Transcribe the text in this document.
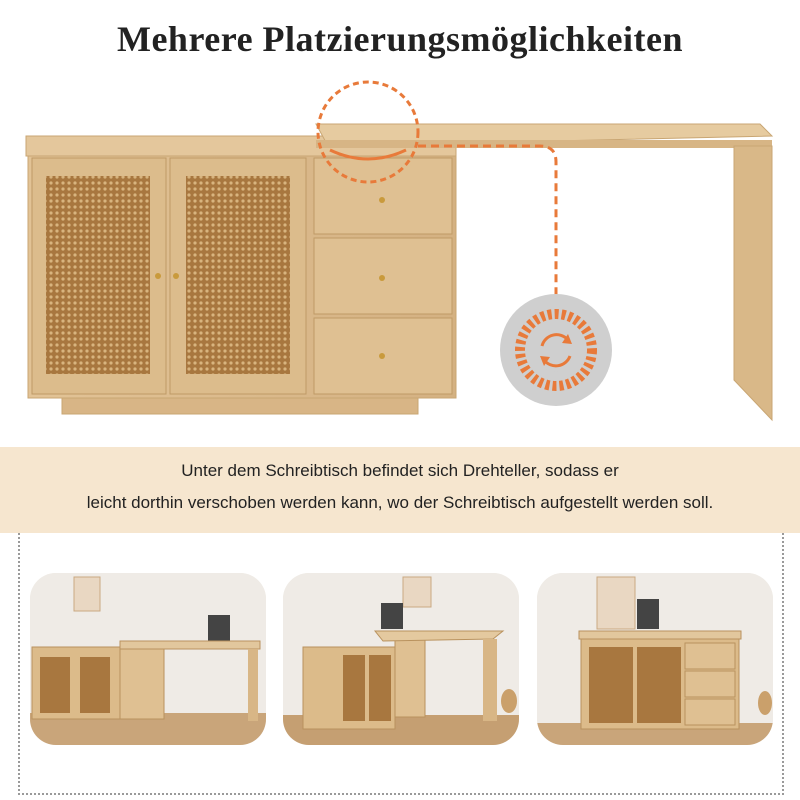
Mehrere Platzierungsmöglichkeiten
Unter dem Schreibtisch befindet sich Drehteller, sodass er
leicht dorthin verschoben werden kann, wo der Schreibtisch aufgestellt werden soll.
